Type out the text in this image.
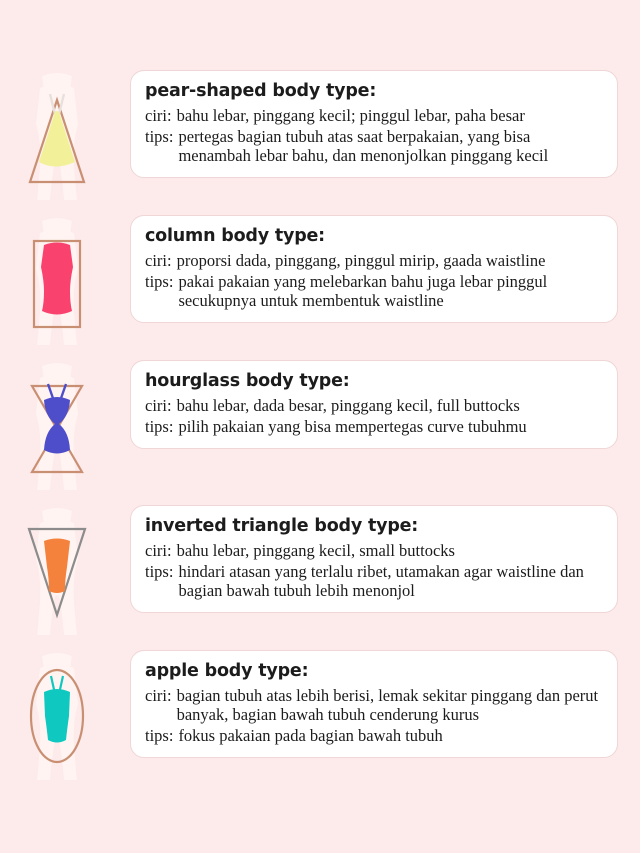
pear-shaped body type:
ciri: bahu lebar, pinggang kecil; pinggul lebar, paha besar
tips: pertegas bagian tubuh atas saat berpakaian, yang bisa menambah lebar bahu, dan menonjolkan pinggang kecil
column body type:
ciri: proporsi dada, pinggang, pinggul mirip, gaada waistline
tips: pakai pakaian yang melebarkan bahu juga lebar pinggul secukupnya untuk membentuk waistline
hourglass body type:
ciri: bahu lebar, dada besar, pinggang kecil, full buttocks
tips: pilih pakaian yang bisa mempertegas curve tubuhmu
inverted triangle body type:
ciri: bahu lebar, pinggang kecil, small buttocks
tips: hindari atasan yang terlalu ribet, utamakan agar waistline dan bagian bawah tubuh lebih menonjol
apple body type:
ciri: bagian tubuh atas lebih berisi, lemak sekitar pinggang dan perut banyak, bagian bawah tubuh cenderung kurus
tips: fokus pakaian pada bagian bawah tubuh
